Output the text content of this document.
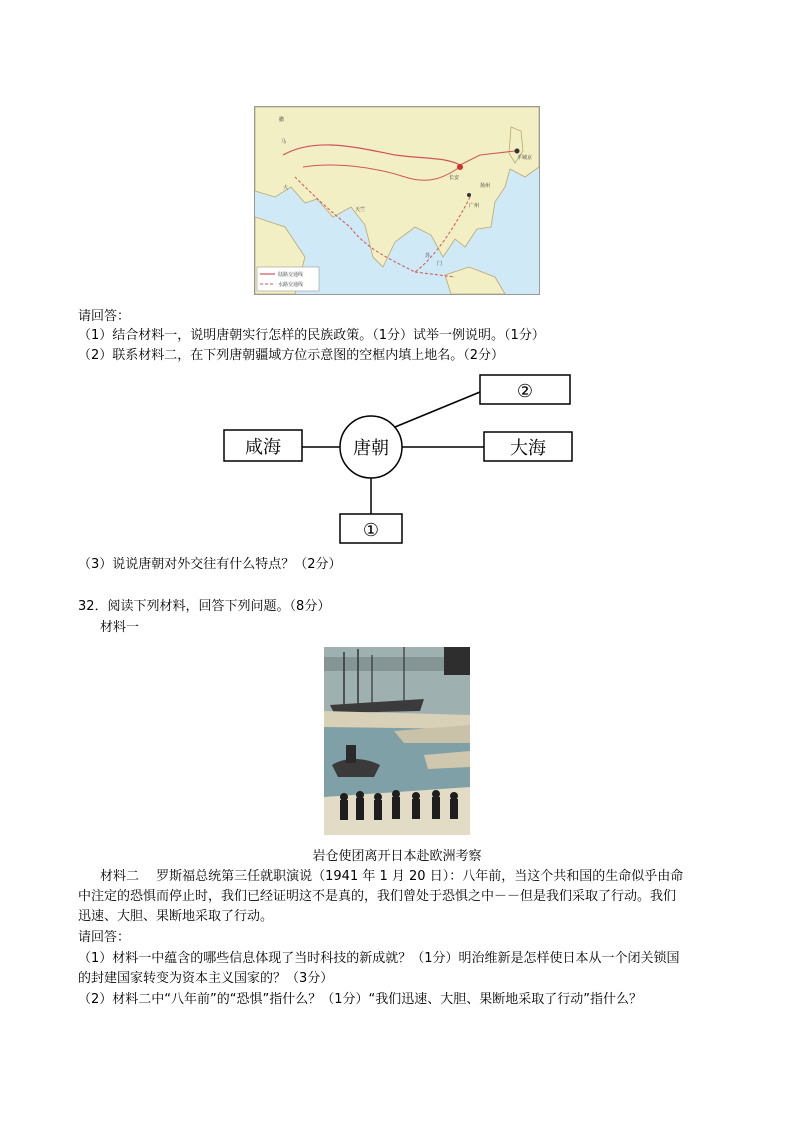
陆路交通线
水路交通线
撒
马
大
长安
扬州
平城京
天竺
广州
苏
门
请回答：
（1）结合材料一，说明唐朝实行怎样的民族政策。（1分）试举一例说明。（1分）
（2）联系材料二，在下列唐朝疆域方位示意图的空框内填上地名。（2分）
唐朝
咸海	大海
②
①
（3）说说唐朝对外交往有什么特点？（2分）
32．阅读下列材料，回答下列问题。（8分）
材料一
岩仓使团离开日本赴欧洲考察
材料二　 罗斯福总统第三任就职演说（1941 年 1 月 20 日）：八年前，当这个共和国的生命似乎由命
中注定的恐惧而停止时，我们已经证明这不是真的，我们曾处于恐惧之中－－但是我们采取了行动。我们
迅速、大胆、果断地采取了行动。
请回答：
（1）材料一中蕴含的哪些信息体现了当时科技的新成就？（1分）明治维新是怎样使日本从一个闭关锁国
的封建国家转变为资本主义国家的？（3分）
（2）材料二中“八年前”的“恐惧”指什么？（1分）“我们迅速、大胆、果断地采取了行动”指什么？
